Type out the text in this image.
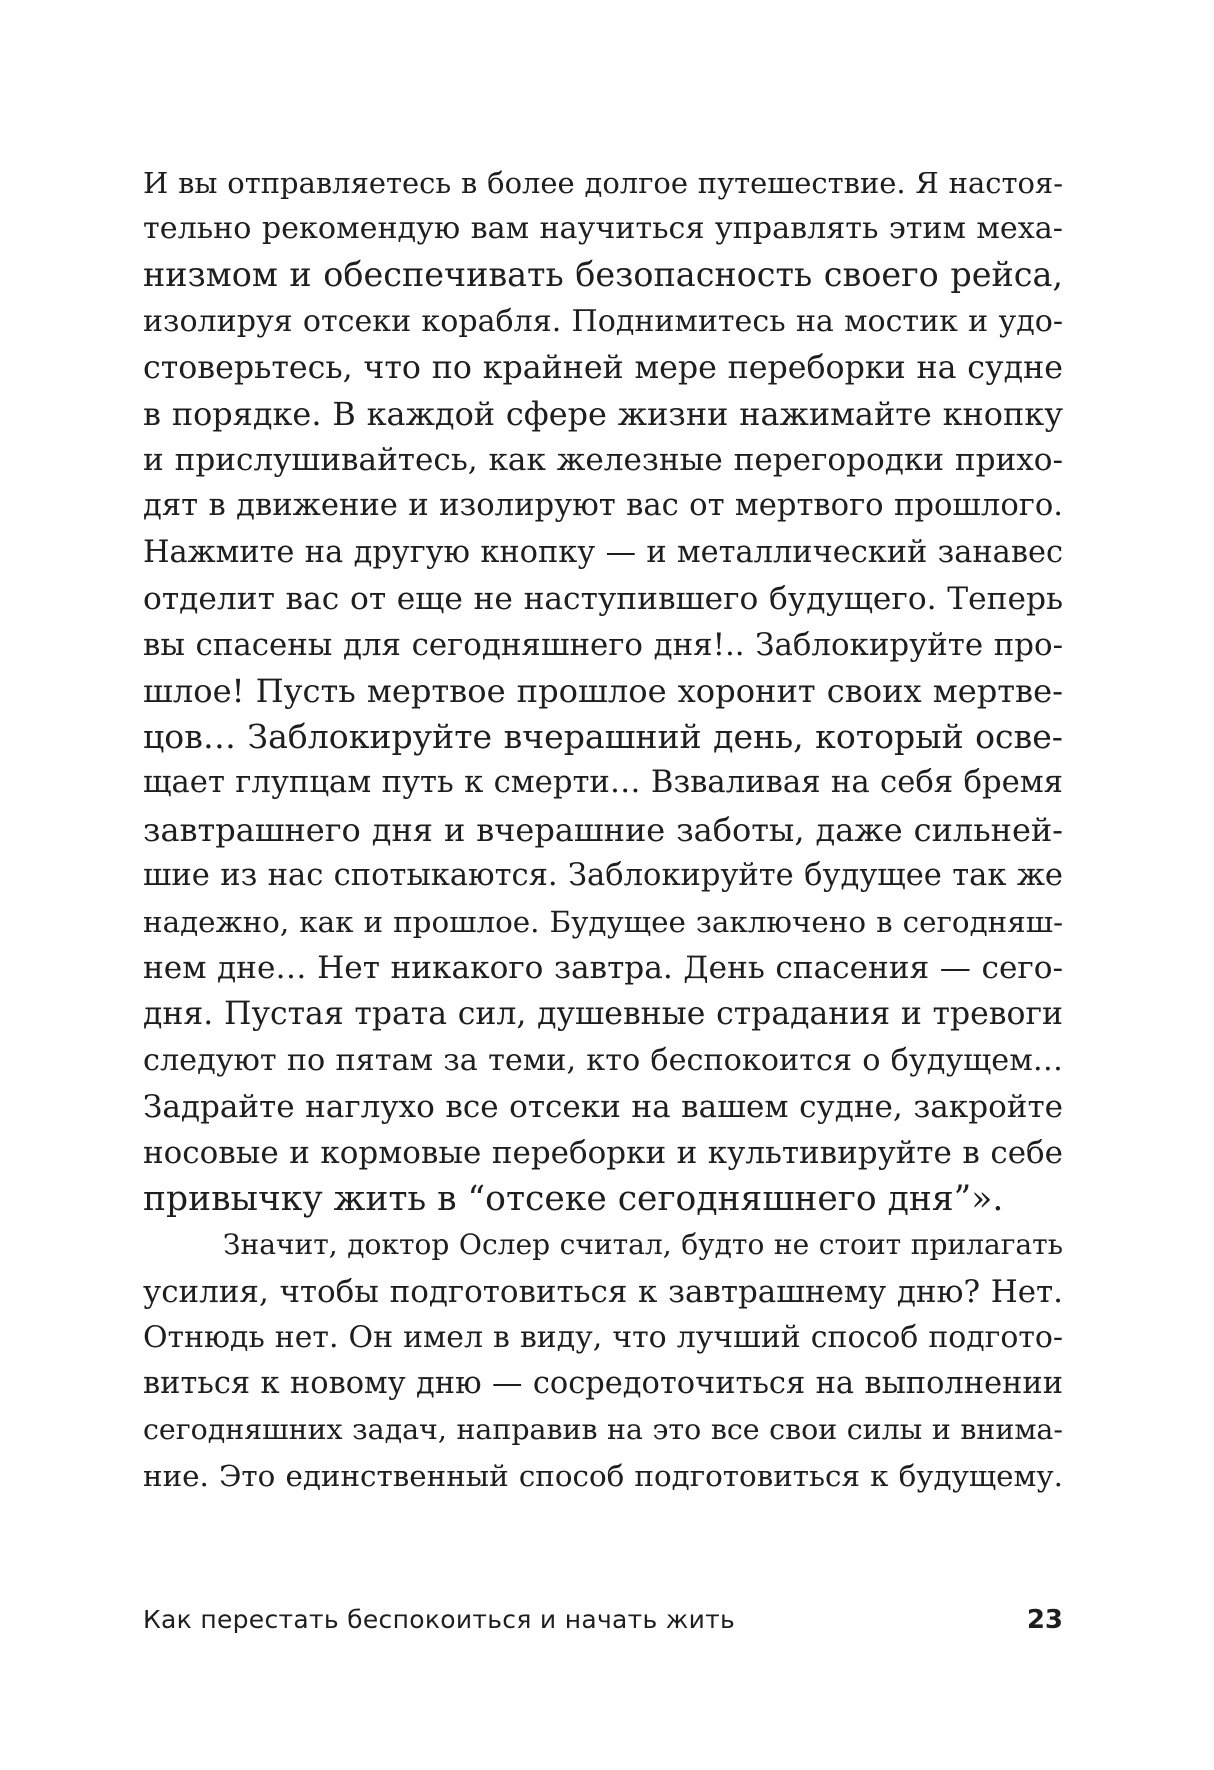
И вы отправляетесь в более долгое путешествие. Я настоя-
тельно рекомендую вам научиться управлять этим меха-
низмом и обеспечивать безопасность своего рейса,
изолируя отсеки корабля. Поднимитесь на мостик и удо-
стоверьтесь, что по крайней мере переборки на судне
в порядке. В каждой сфере жизни нажимайте кнопку
и прислушивайтесь, как железные перегородки прихо-
дят в движение и изолируют вас от мертвого прошлого.
Нажмите на другую кнопку — и металлический занавес
отделит вас от еще не наступившего будущего. Теперь
вы спасены для сегодняшнего дня!.. Заблокируйте про-
шлое! Пусть мертвое прошлое хоронит своих мертве-
цов… Заблокируйте вчерашний день, который осве-
щает глупцам путь к смерти… Взваливая на себя бремя
завтрашнего дня и вчерашние заботы, даже сильней-
шие из нас спотыкаются. Заблокируйте будущее так же
надежно, как и прошлое. Будущее заключено в сегодняш-
нем дне… Нет никакого завтра. День спасения — сего-
дня. Пустая трата сил, душевные страдания и тревоги
следуют по пятам за теми, кто беспокоится о будущем…
Задрайте наглухо все отсеки на вашем судне, закройте
носовые и кормовые переборки и культивируйте в себе
привычку жить в “отсеке сегодняшнего дня”».
Значит, доктор Ослер считал, будто не стоит прилагать
усилия, чтобы подготовиться к завтрашнему дню? Нет.
Отнюдь нет. Он имел в виду, что лучший способ подгото-
виться к новому дню — сосредоточиться на выполнении
сегодняшних задач, направив на это все свои силы и внима-
ние. Это единственный способ подготовиться к будущему.
Как перестать беспокоиться и начать жить	23
